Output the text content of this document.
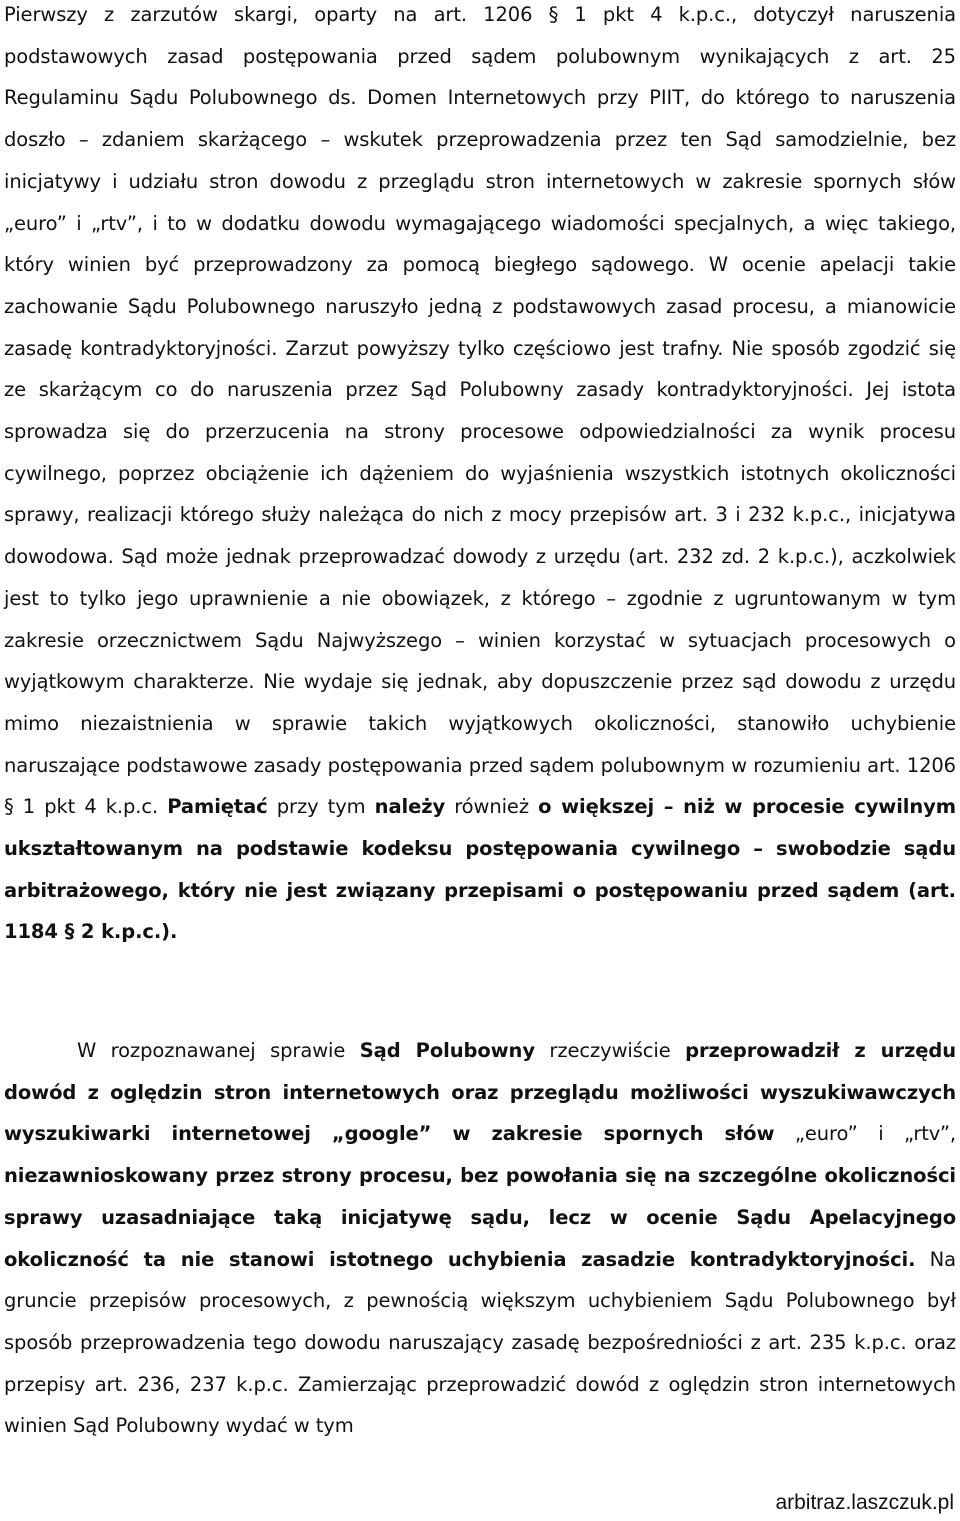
Pierwszy z zarzutów skargi, oparty na art. 1206 § 1 pkt 4 k.p.c., dotyczył naruszenia podstawowych zasad postępowania przed sądem polubownym wynikających z art. 25 Regulaminu Sądu Polubownego ds. Domen Internetowych przy PIIT, do którego to naruszenia doszło – zdaniem skarżącego – wskutek przeprowadzenia przez ten Sąd samodzielnie, bez inicjatywy i udziału stron dowodu z przeglądu stron internetowych w zakresie spornych słów „euro” i „rtv”, i to w dodatku dowodu wymagającego wiadomości specjalnych, a więc takiego, który winien być przeprowadzony za pomocą biegłego sądowego. W ocenie apelacji takie zachowanie Sądu Polubownego naruszyło jedną z podstawowych zasad procesu, a mianowicie zasadę kontradyktoryjności. Zarzut powyższy tylko częściowo jest trafny. Nie sposób zgodzić się ze skarżącym co do naruszenia przez Sąd Polubowny zasady kontradyktoryjności. Jej istota sprowadza się do przerzucenia na strony procesowe odpowiedzialności za wynik procesu cywilnego, poprzez obciążenie ich dążeniem do wyjaśnienia wszystkich istotnych okoliczności sprawy, realizacji którego służy należąca do nich z mocy przepisów art. 3 i 232 k.p.c., inicjatywa dowodowa. Sąd może jednak przeprowadzać dowody z urzędu (art. 232 zd. 2 k.p.c.), aczkolwiek jest to tylko jego uprawnienie a nie obowiązek, z którego – zgodnie z ugruntowanym w tym zakresie orzecznictwem Sądu Najwyższego – winien korzystać w sytuacjach procesowych o wyjątkowym charakterze. Nie wydaje się jednak, aby dopuszczenie przez sąd dowodu z urzędu mimo niezaistnienia w sprawie takich wyjątkowych okoliczności, stanowiło uchybienie naruszające podstawowe zasady postępowania przed sądem polubownym w rozumieniu art. 1206 § 1 pkt 4 k.p.c. Pamiętać przy tym należy również o większej – niż w procesie cywilnym ukształtowanym na podstawie kodeksu postępowania cywilnego – swobodzie sądu arbitrażowego, który nie jest związany przepisami o postępowaniu przed sądem (art. 1184 § 2 k.p.c.).

W rozpoznawanej sprawie Sąd Polubowny rzeczywiście przeprowadził z urzędu dowód z oględzin stron internetowych oraz przeglądu możliwości wyszukiwawczych wyszukiwarki internetowej „google” w zakresie spornych słów „euro” i „rtv”, niezawnioskowany przez strony procesu, bez powołania się na szczególne okoliczności sprawy uzasadniające taką inicjatywę sądu, lecz w ocenie Sądu Apelacyjnego okoliczność ta nie stanowi istotnego uchybienia zasadzie kontradyktoryjności. Na gruncie przepisów procesowych, z pewnością większym uchybieniem Sądu Polubownego był sposób przeprowadzenia tego dowodu naruszający zasadę bezpośredniości z art. 235 k.p.c. oraz przepisy art. 236, 237 k.p.c. Zamierzając przeprowadzić dowód z oględzin stron internetowych winien Sąd Polubowny wydać w tym

arbitraz.laszczuk.pl
